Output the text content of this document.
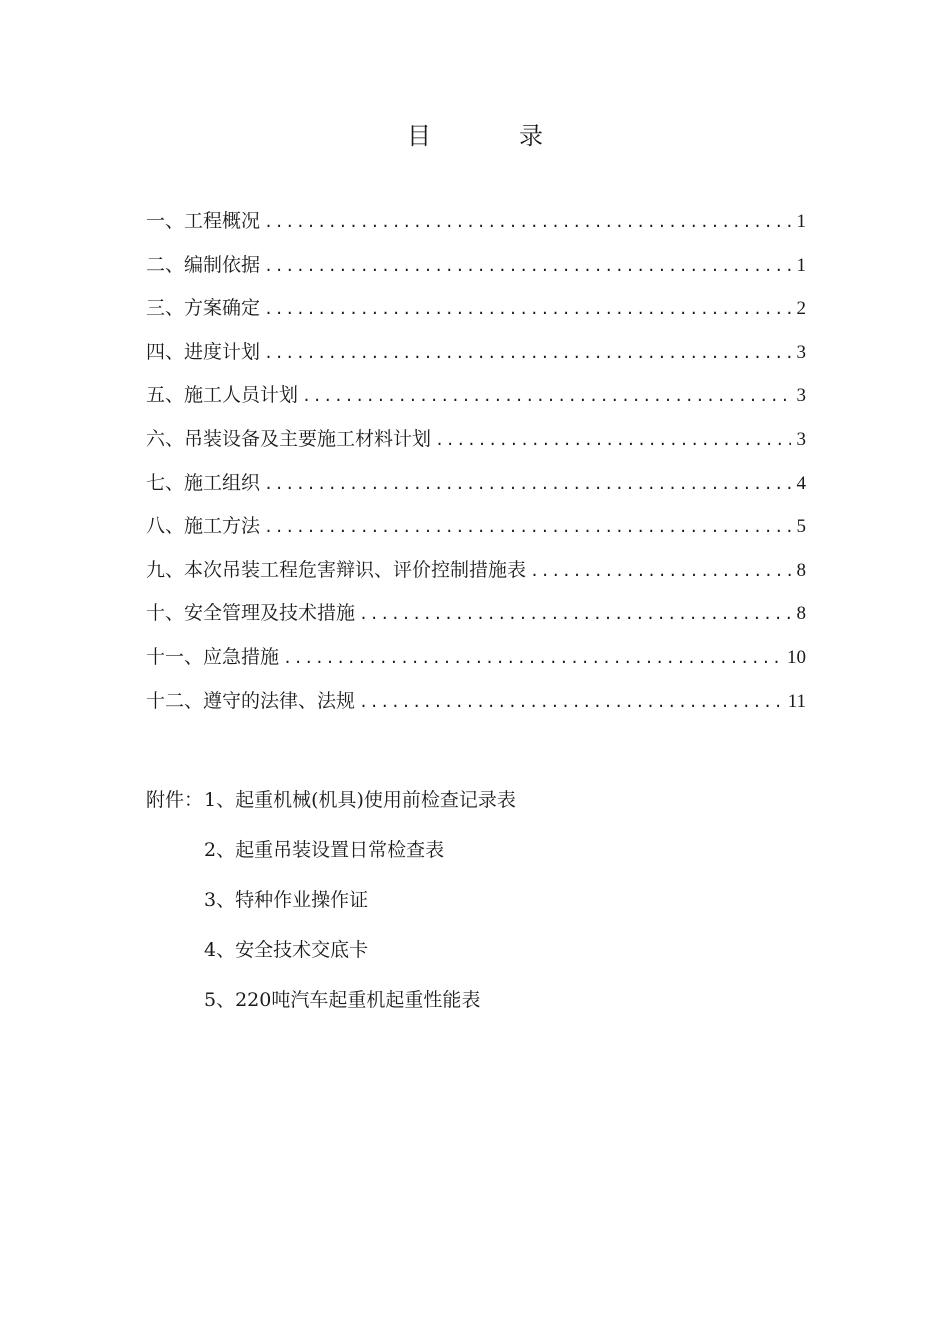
目　录
一、工程概况 .....	1
二、编制依据 .....	1
三、方案确定 .....	2
四、进度计划 .....	3
五、施工人员计划 .....	3
六、吊装设备及主要施工材料计划 .....	3
七、施工组织 .....	4
八、施工方法 .....	5
九、本次吊装工程危害辩识、评价控制措施表 .....	8
十、安全管理及技术措施 .....	8
十一、应急措施 .....	10
十二、遵守的法律、法规 .....	11
附件：1、起重机械(机具)使用前检查记录表
2、起重吊装设置日常检查表
3、特种作业操作证
4、安全技术交底卡
5、220吨汽车起重机起重性能表
